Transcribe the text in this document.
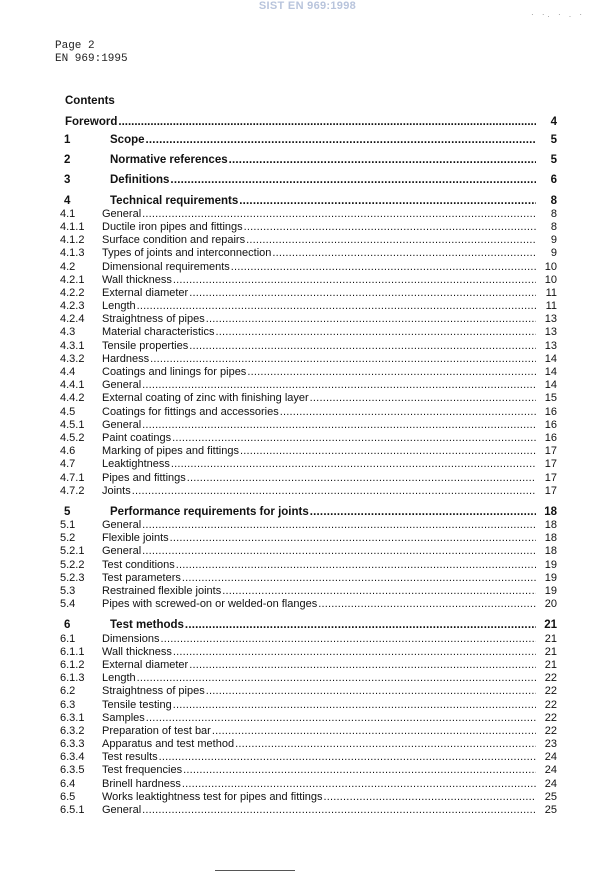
SIST EN 969:1998
· ·. · . ·
Page 2
EN 969:1995
Contents
Foreword .....	4
1	Scope .....	5
2	Normative references .....	5
3	Definitions .....	6
4	Technical requirements .....	8
4.1	General .....	8
4.1.1	Ductile iron pipes and fittings .....	8
4.1.2	Surface condition and repairs .....	9
4.1.3	Types of joints and interconnection .....	9
4.2	Dimensional requirements .....	10
4.2.1	Wall thickness .....	10
4.2.2	External diameter .....	11
4.2.3	Length .....	11
4.2.4	Straightness of pipes .....	13
4.3	Material characteristics .....	13
4.3.1	Tensile properties .....	13
4.3.2	Hardness .....	14
4.4	Coatings and linings for pipes .....	14
4.4.1	General .....	14
4.4.2	External coating of zinc with finishing layer .....	15
4.5	Coatings for fittings and accessories .....	16
4.5.1	General .....	16
4.5.2	Paint coatings .....	16
4.6	Marking of pipes and fittings .....	17
4.7	Leaktightness .....	17
4.7.1	Pipes and fittings .....	17
4.7.2	Joints .....	17
5	Performance requirements for joints .....	18
5.1	General .....	18
5.2	Flexible joints .....	18
5.2.1	General .....	18
5.2.2	Test conditions .....	19
5.2.3	Test parameters .....	19
5.3	Restrained flexible joints .....	19
5.4	Pipes with screwed-on or welded-on flanges .....	20
6	Test methods .....	21
6.1	Dimensions .....	21
6.1.1	Wall thickness .....	21
6.1.2	External diameter .....	21
6.1.3	Length .....	22
6.2	Straightness of pipes .....	22
6.3	Tensile testing .....	22
6.3.1	Samples .....	22
6.3.2	Preparation of test bar .....	22
6.3.3	Apparatus and test method .....	23
6.3.4	Test results .....	24
6.3.5	Test frequencies .....	24
6.4	Brinell hardness .....	24
6.5	Works leaktightness test for pipes and fittings .....	25
6.5.1	General .....	25
